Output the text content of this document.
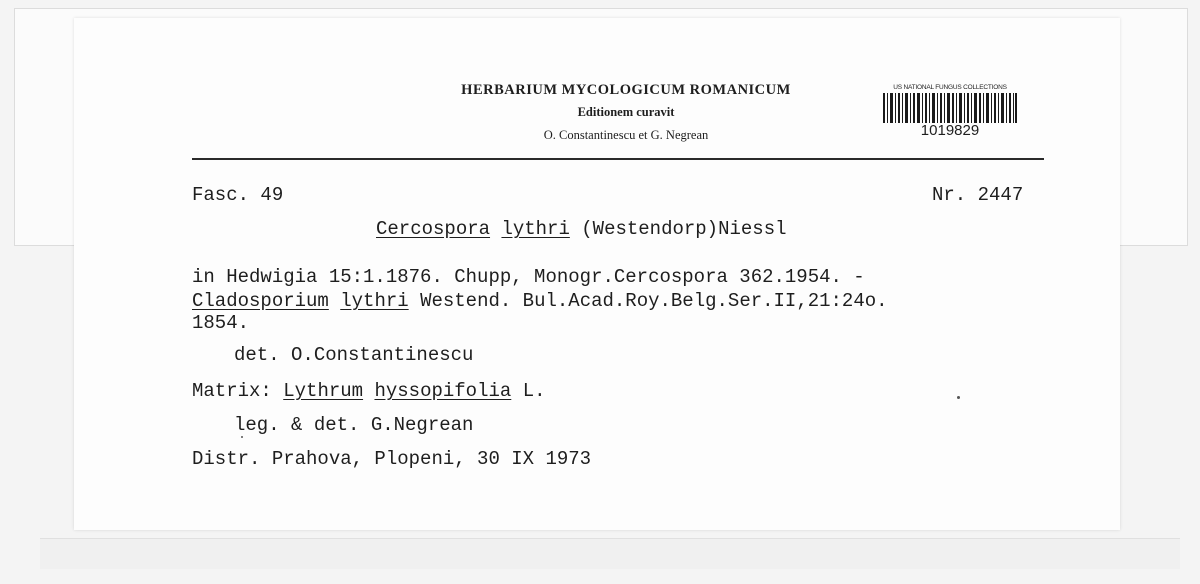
HERBARIUM MYCOLOGICUM ROMANICUM
Editionem curavit
O. Constantinescu et G. Negrean
US NATIONAL FUNGUS COLLECTIONS
1019829
Fasc. 49	Nr. 2447
Cercospora lythri (Westendorp)Niessl
in Hedwigia 15:1.1876. Chupp, Monogr.Cercospora 362.1954. -
Cladosporium lythri Westend. Bul.Acad.Roy.Belg.Ser.II,21:24o.
1854.
det. O.Constantinescu
Matrix: Lythrum hyssopifolia L.
leg. & det. G.Negrean
Distr. Prahova, Plopeni, 30 IX 1973
